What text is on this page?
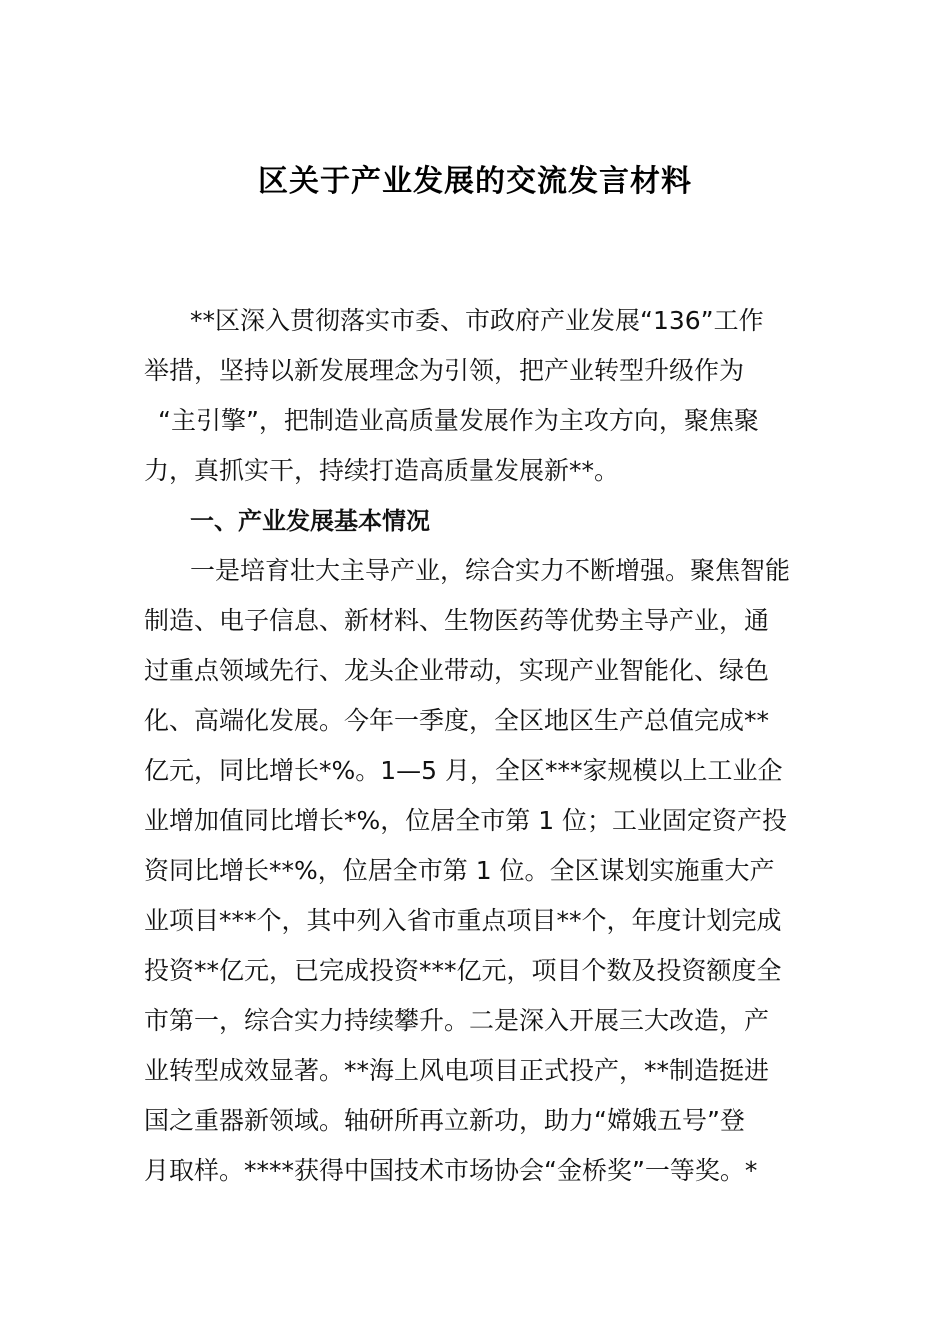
区关于产业发展的交流发言材料
**区深入贯彻落实市委、市政府产业发展“136”工作
举措，坚持以新发展理念为引领，把产业转型升级作为
“主引擎”，把制造业高质量发展作为主攻方向，聚焦聚
力，真抓实干，持续打造高质量发展新**。
一、产业发展基本情况
一是培育壮大主导产业，综合实力不断增强。聚焦智能
制造、电子信息、新材料、生物医药等优势主导产业，通
过重点领域先行、龙头企业带动，实现产业智能化、绿色
化、高端化发展。今年一季度，全区地区生产总值完成**
亿元，同比增长*%。1—5 月，全区***家规模以上工业企
业增加值同比增长*%，位居全市第 1 位；工业固定资产投
资同比增长**%，位居全市第 1 位。全区谋划实施重大产
业项目***个，其中列入省市重点项目**个，年度计划完成
投资**亿元，已完成投资***亿元，项目个数及投资额度全
市第一，综合实力持续攀升。二是深入开展三大改造，产
业转型成效显著。**海上风电项目正式投产，**制造挺进
国之重器新领域。轴研所再立新功，助力“嫦娥五号”登
月取样。****获得中国技术市场协会“金桥奖”一等奖。*
